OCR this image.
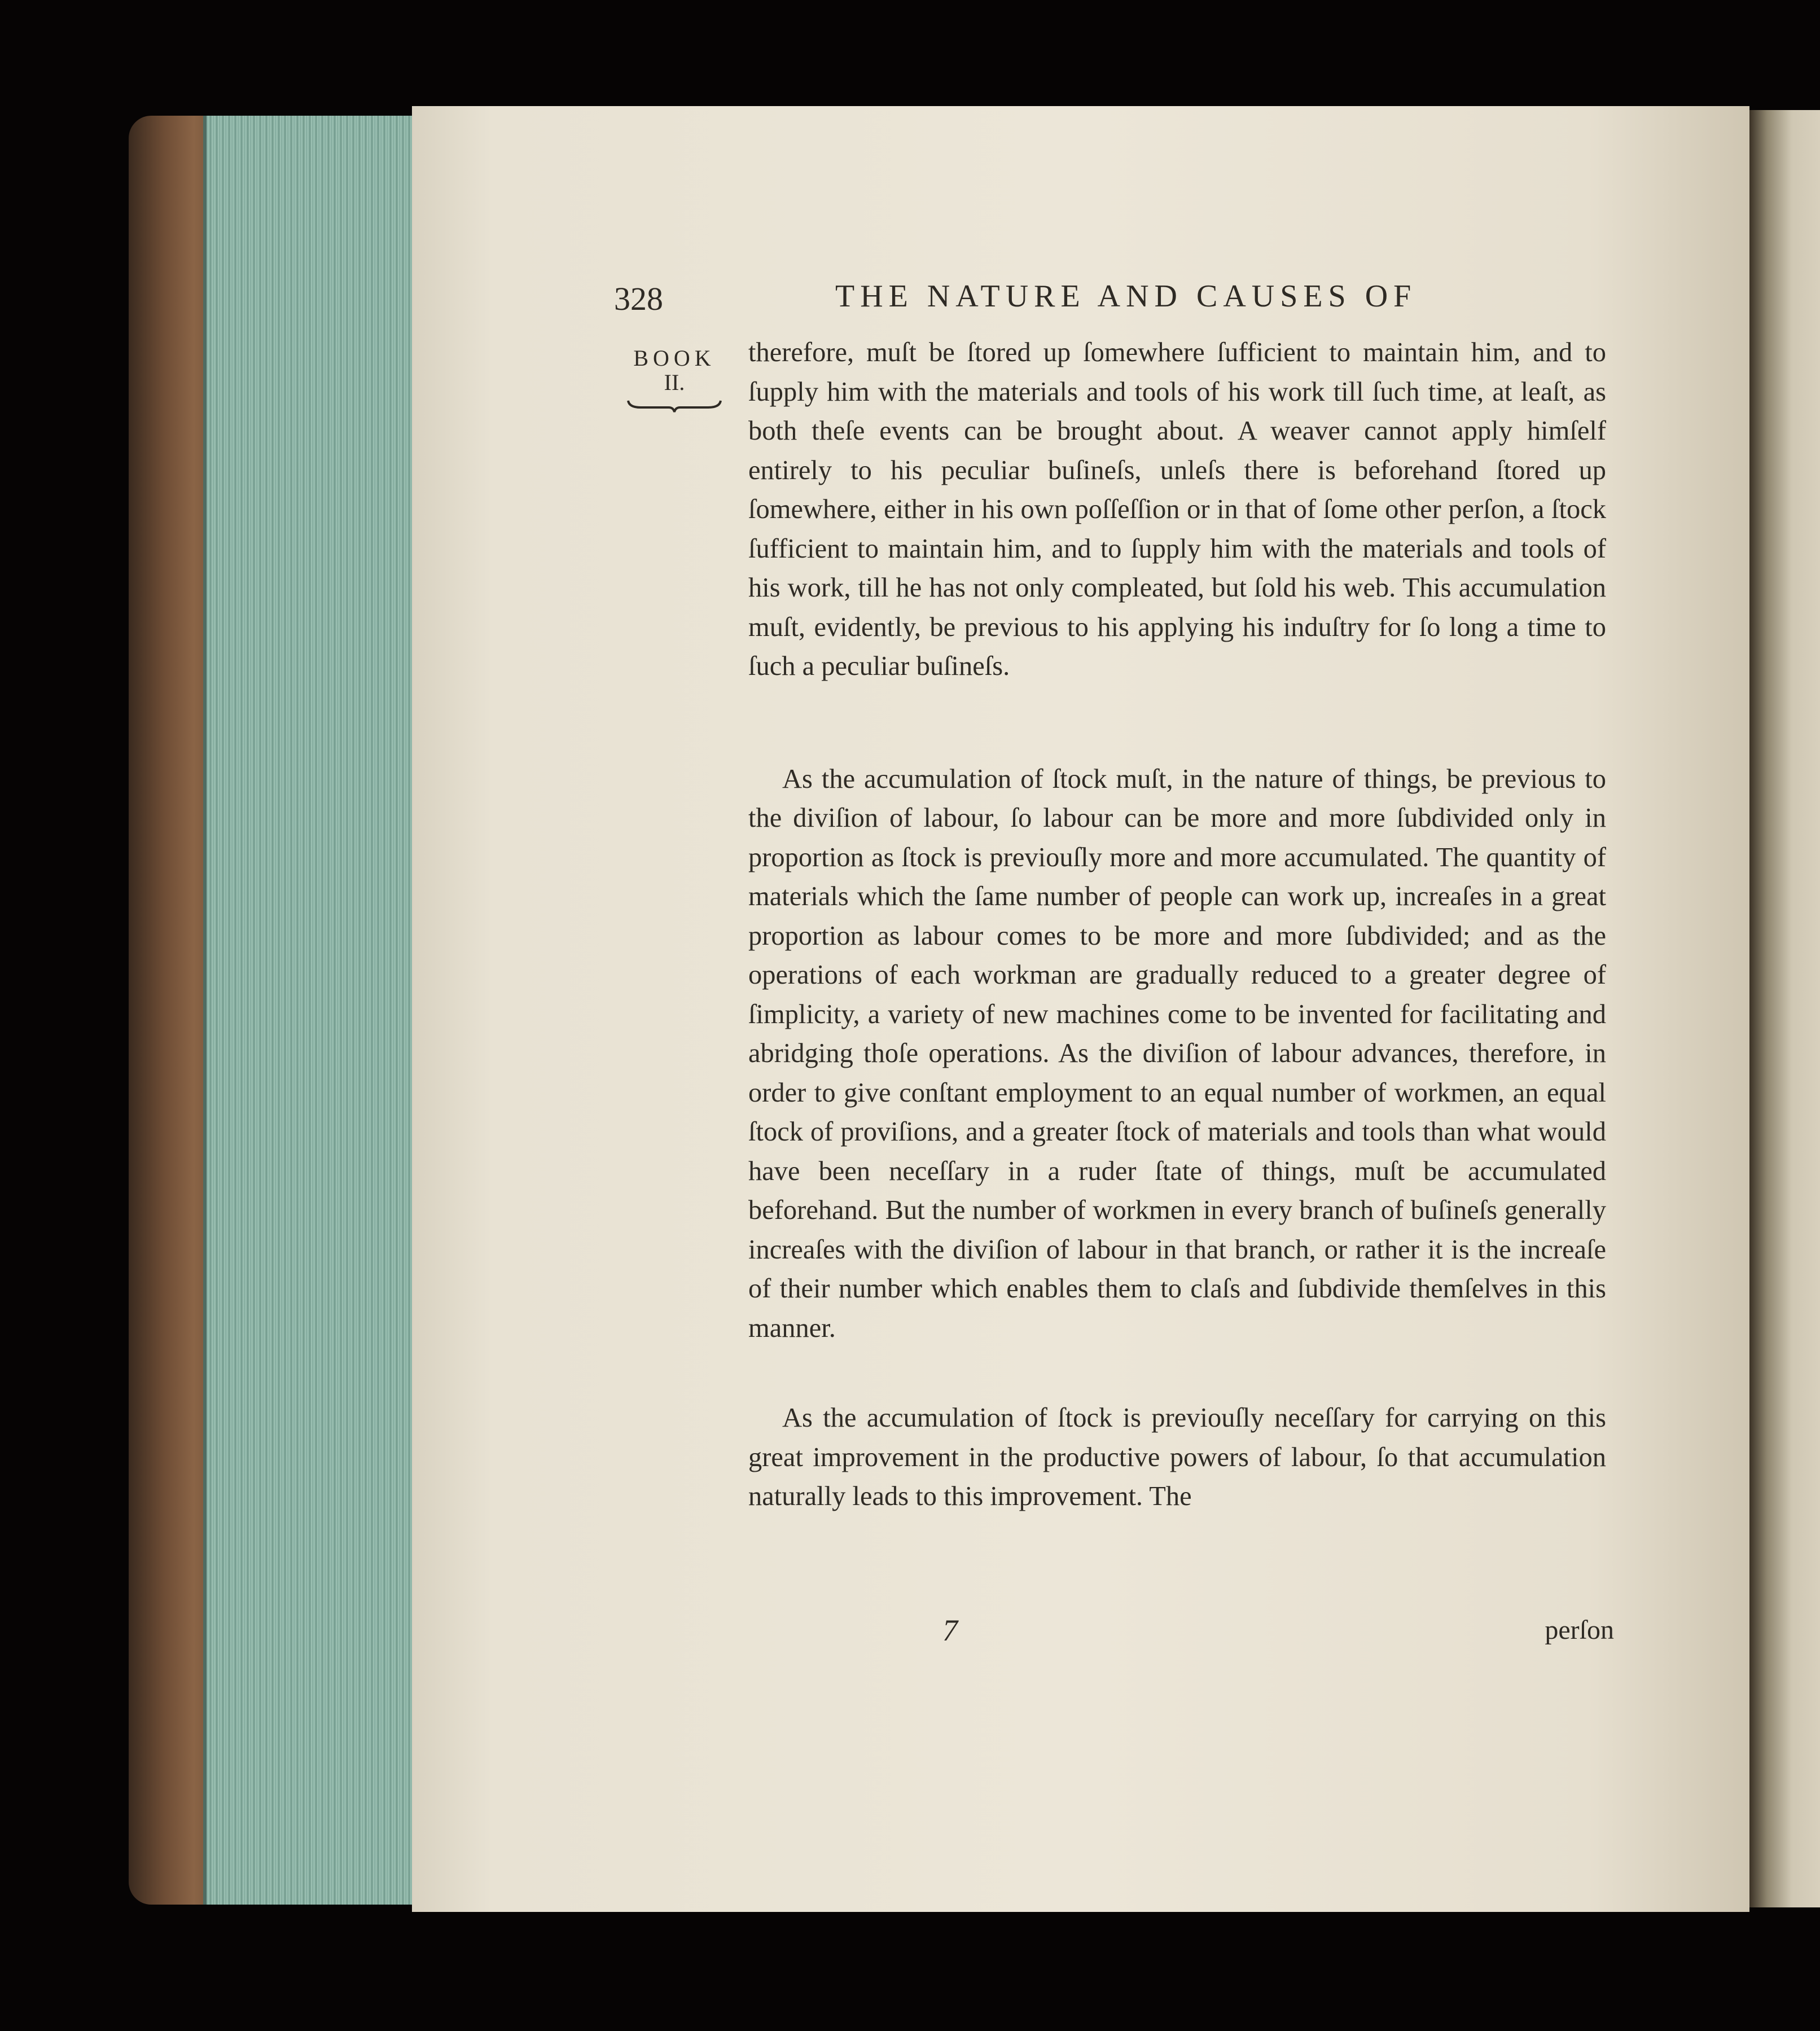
328	THE NATURE AND CAUSES OF
BOOK
II.

therefore, muſt be ſtored up ſomewhere ſufficient to maintain him, and to ſupply him with the materials and tools of his work till ſuch time, at leaſt, as both theſe events can be brought about. A weaver cannot apply himſelf entirely to his peculiar buſineſs, unleſs there is beforehand ſtored up ſomewhere, either in his own poſſeſſion or in that of ſome other perſon, a ſtock ſufficient to maintain him, and to ſupply him with the materials and tools of his work, till he has not only compleated, but ſold his web. This accumulation muſt, evidently, be previous to his applying his induſtry for ſo long a time to ſuch a peculiar buſineſs.

As the accumulation of ſtock muſt, in the nature of things, be previous to the diviſion of labour, ſo labour can be more and more ſubdivided only in proportion as ſtock is previouſly more and more accumulated. The quantity of materials which the ſame number of people can work up, increaſes in a great proportion as labour comes to be more and more ſubdivided; and as the operations of each workman are gradually reduced to a greater degree of ſimplicity, a variety of new machines come to be invented for facilitating and abridging thoſe operations. As the diviſion of labour advances, therefore, in order to give conſtant employment to an equal number of workmen, an equal ſtock of proviſions, and a greater ſtock of materials and tools than what would have been neceſſary in a ruder ſtate of things, muſt be accumulated beforehand. But the number of workmen in every branch of buſineſs generally increaſes with the diviſion of labour in that branch, or rather it is the increaſe of their number which enables them to claſs and ſubdivide themſelves in this manner.

As the accumulation of ſtock is previouſly neceſſary for carrying on this great improvement in the productive powers of labour, ſo that accumulation naturally leads to this improvement. The

7	perſon
